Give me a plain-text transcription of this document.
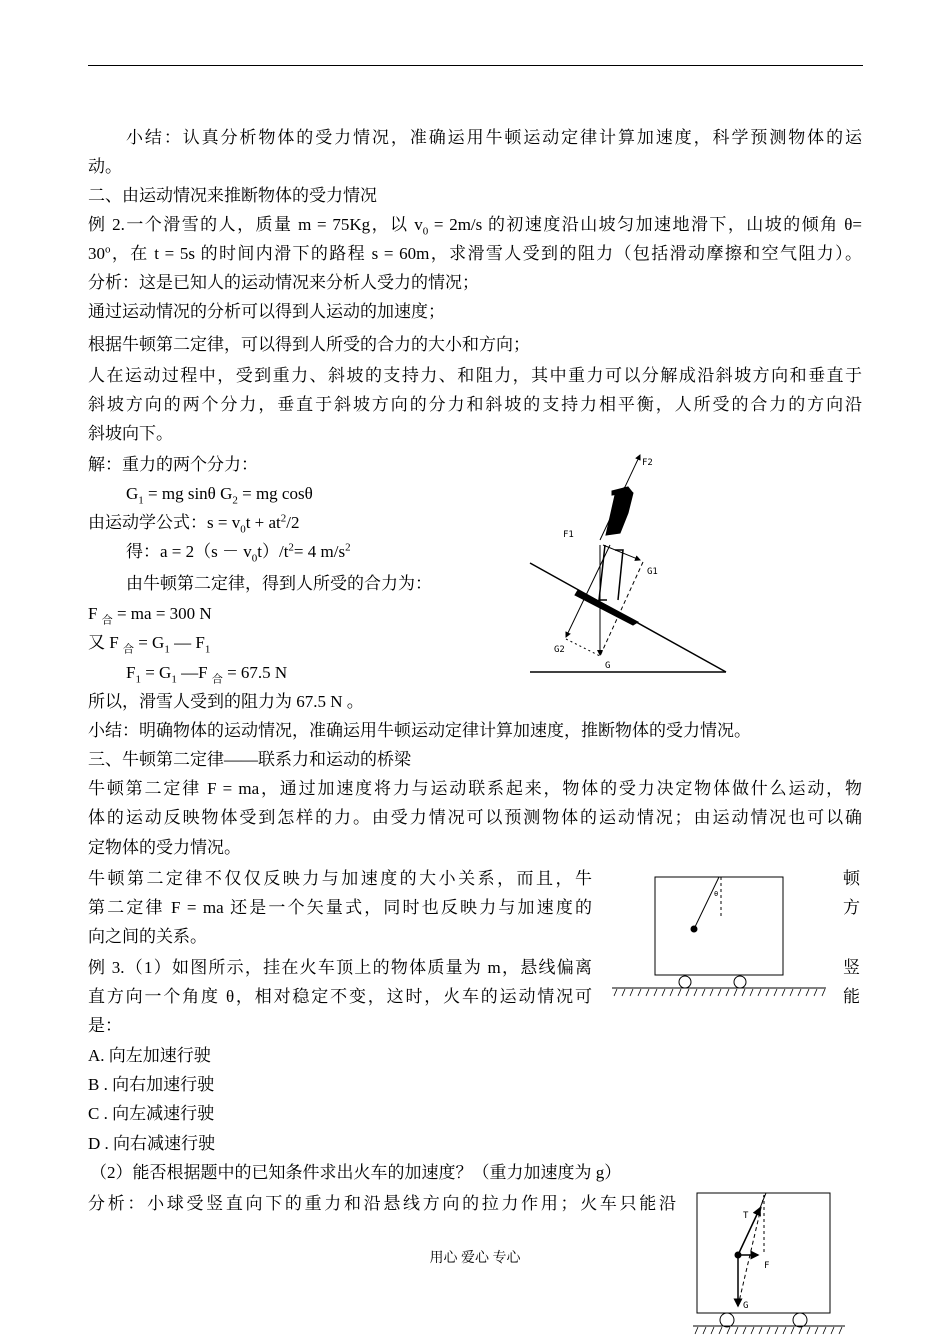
小结：认真分析物体的受力情况，准确运用牛顿运动定律计算加速度，科学预测物体的运
动。
二、由运动情况来推断物体的受力情况
例 2.一个滑雪的人，质量 m = 75Kg，以 $v_0 = 2m/s$ 的初速度沿山坡匀加速地滑下，山坡的倾角 θ=
$30^o$，在 t = 5s 的时间内滑下的路程 s = 60m，求滑雪人受到的阻力（包括滑动摩擦和空气阻力）。
分析：这是已知人的运动情况来分析人受力的情况；
通过运动情况的分析可以得到人运动的加速度；
根据牛顿第二定律，可以得到人所受的合力的大小和方向；
人在运动过程中，受到重力、斜坡的支持力、和阻力，其中重力可以分解成沿斜坡方向和垂直于
斜坡方向的两个分力，垂直于斜坡方向的分力和斜坡的支持力相平衡，人所受的合力的方向沿
斜坡向下。
解：重力的两个分力：
$G_1$ = mg sinθ $G_2$ = mg cosθ
由运动学公式：$s = v_0t + at^2/2$
得：$a = 2(s - v_0t)/t^2= 4$ $m/s^2$
由牛顿第二定律，得到人所受的合力为：
F $_合$ = ma = 300 N
又 F $_合 = G_1$ — $F_1$
$F_1 = G_1$ —F $_合$ = 67.5 N
所以，滑雪人受到的阻力为 67.5 N 。
小结：明确物体的运动情况，准确运用牛顿运动定律计算加速度，推断物体的受力情况。
三、牛顿第二定律——联系力和运动的桥梁
牛顿第二定律 F = ma，通过加速度将力与运动联系起来，物体的受力决定物体做什么运动，物
体的运动反映物体受到怎样的力。由受力情况可以预测物体的运动情况；由运动情况也可以确
定物体的受力情况。
牛顿第二定律不仅仅反映力与加速度的大小关系，而且，牛
第二定律 F = ma 还是一个矢量式，同时也反映力与加速度的
向之间的关系。
例 3.（1）如图所示，挂在火车顶上的物体质量为 m，悬线偏离
直方向一个角度 θ，相对稳定不变，这时，火车的运动情况可
是：
A. 向左加速行驶
B . 向右加速行驶
C . 向左减速行驶
D . 向右减速行驶
（2）能否根据题中的已知条件求出火车的加速度？（重力加速度为 g）
分析：小球受竖直向下的重力和沿悬线方向的拉力作用；火车只能沿
顿
方
竖
能
F2
F1
G1
G2
G
θ
T
F
G
用心 爱心 专心
